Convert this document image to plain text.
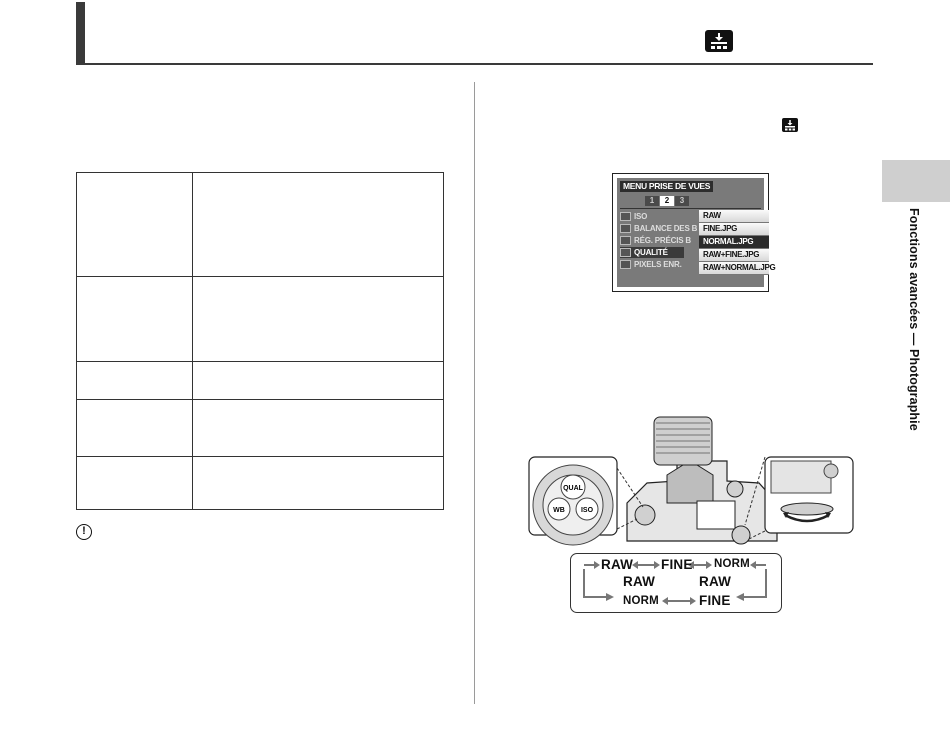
Fonctions avancées — Photographie
!
MENU PRISE DE VUES
1	2	3
ISO
BALANCE DES B
RÉG. PRÉCIS B
QUALITÉ
PIXELS ENR.
RAW
FINE.JPG
NORMAL.JPG
RAW+FINE.JPG
RAW+NORMAL.JPG
QUAL
WB ISO
RAW FINE NORM
RAW	RAW
NORM	FINE
